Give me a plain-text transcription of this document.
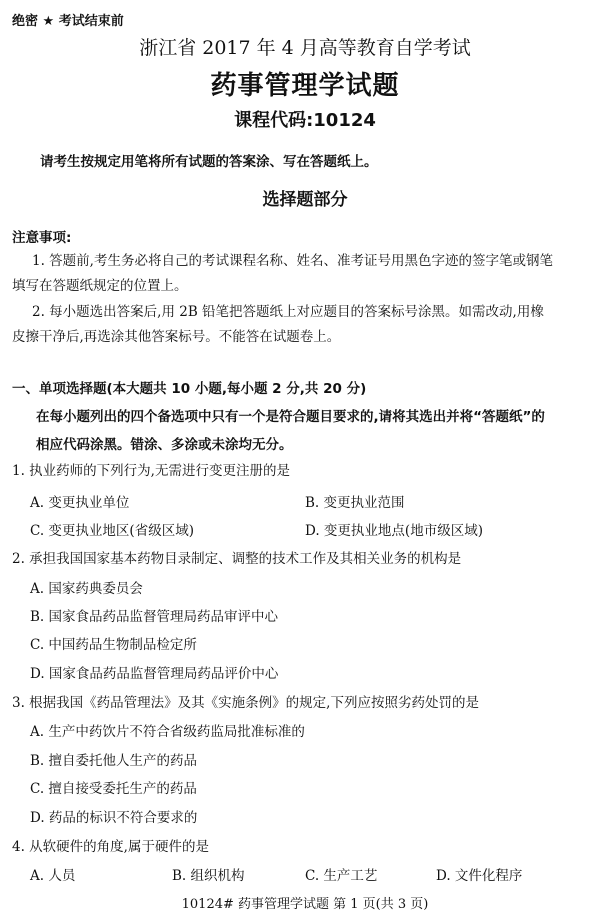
绝密 ★ 考试结束前
浙江省 2017 年 4 月高等教育自学考试
药事管理学试题
课程代码:10124
请考生按规定用笔将所有试题的答案涂、写在答题纸上。
选择题部分
注意事项:
1. 答题前,考生务必将自己的考试课程名称、姓名、准考证号用黑色字迹的签字笔或钢笔
填写在答题纸规定的位置上。
2. 每小题选出答案后,用 2B 铅笔把答题纸上对应题目的答案标号涂黑。如需改动,用橡
皮擦干净后,再选涂其他答案标号。不能答在试题卷上。
一、单项选择题(本大题共 10 小题,每小题 2 分,共 20 分)
在每小题列出的四个备选项中只有一个是符合题目要求的,请将其选出并将“答题纸”的
相应代码涂黑。错涂、多涂或未涂均无分。
1. 执业药师的下列行为,无需进行变更注册的是
A. 变更执业单位	B. 变更执业范围
C. 变更执业地区(省级区域)	D. 变更执业地点(地市级区域)
2. 承担我国国家基本药物目录制定、调整的技术工作及其相关业务的机构是
A. 国家药典委员会
B. 国家食品药品监督管理局药品审评中心
C. 中国药品生物制品检定所
D. 国家食品药品监督管理局药品评价中心
3. 根据我国《药品管理法》及其《实施条例》的规定,下列应按照劣药处罚的是
A. 生产中药饮片不符合省级药监局批准标准的
B. 擅自委托他人生产的药品
C. 擅自接受委托生产的药品
D. 药品的标识不符合要求的
4. 从软硬件的角度,属于硬件的是
A. 人员	B. 组织机构	C. 生产工艺	D. 文件化程序
10124# 药事管理学试题 第 1 页(共 3 页)
